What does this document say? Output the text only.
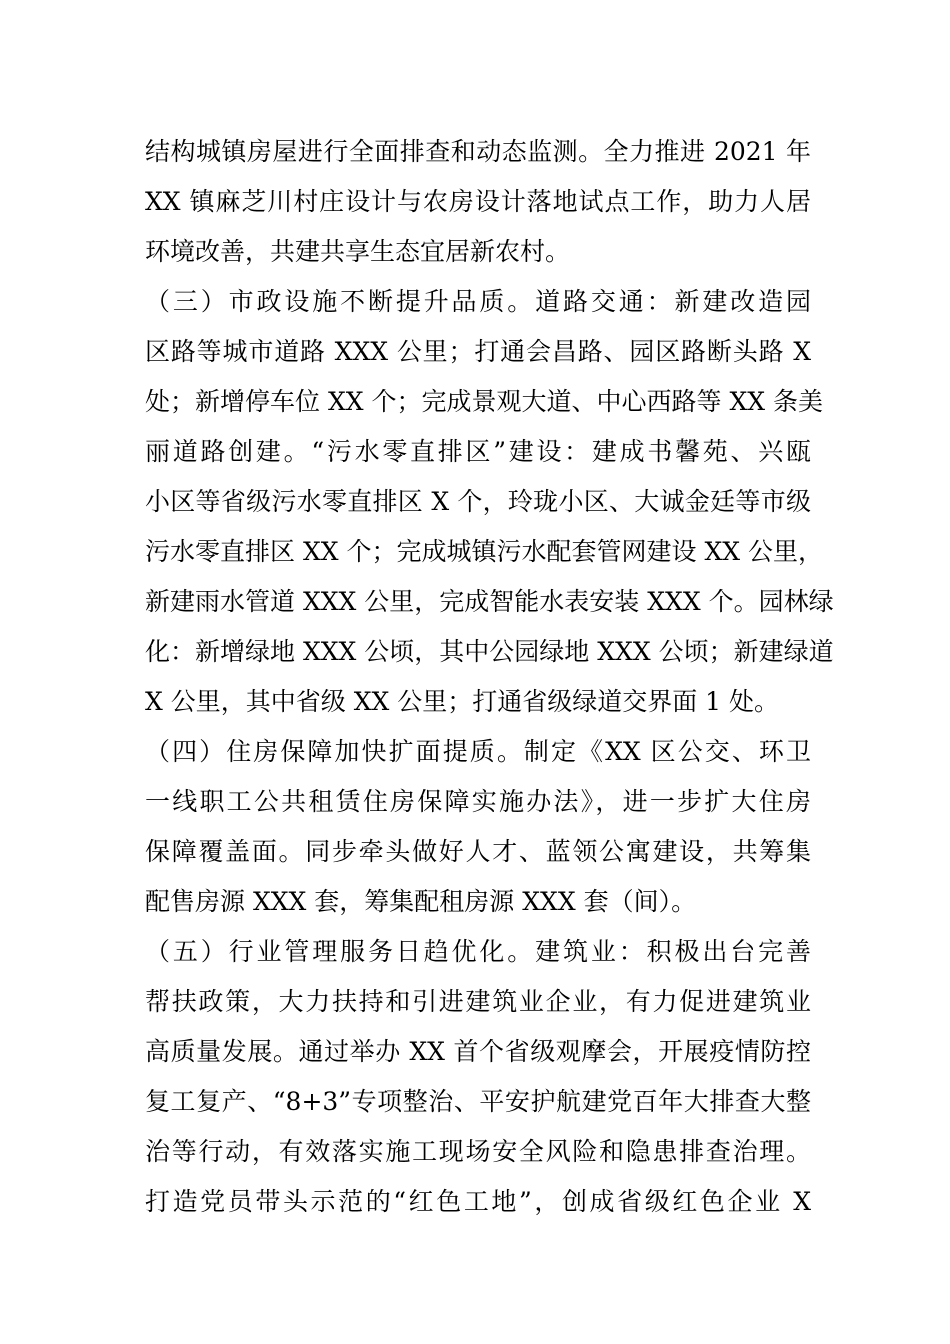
结构城镇房屋进行全面排查和动态监测。全力推进 2021 年
XX 镇麻芝川村庄设计与农房设计落地试点工作，助力人居
环境改善，共建共享生态宜居新农村。
（三）市政设施不断提升品质。道路交通：新建改造园
区路等城市道路 XXX 公里；打通会昌路、园区路断头路 X
处；新增停车位 XX 个；完成景观大道、中心西路等 XX 条美
丽道路创建。“污水零直排区”建设：建成书馨苑、兴瓯
小区等省级污水零直排区 X 个，玲珑小区、大诚金廷等市级
污水零直排区 XX 个；完成城镇污水配套管网建设 XX 公里，
新建雨水管道 XXX 公里，完成智能水表安装 XXX 个。园林绿
化：新增绿地 XXX 公顷，其中公园绿地 XXX 公顷；新建绿道
X 公里，其中省级 XX 公里；打通省级绿道交界面 1 处。
（四）住房保障加快扩面提质。制定《XX 区公交、环卫
一线职工公共租赁住房保障实施办法》，进一步扩大住房
保障覆盖面。同步牵头做好人才、蓝领公寓建设，共筹集
配售房源 XXX 套，筹集配租房源 XXX 套（间）。
（五）行业管理服务日趋优化。建筑业：积极出台完善
帮扶政策，大力扶持和引进建筑业企业，有力促进建筑业
高质量发展。通过举办 XX 首个省级观摩会，开展疫情防控
复工复产、“8+3”专项整治、平安护航建党百年大排查大整
治等行动，有效落实施工现场安全风险和隐患排查治理。
打造党员带头示范的“红色工地”，创成省级红色企业 X
